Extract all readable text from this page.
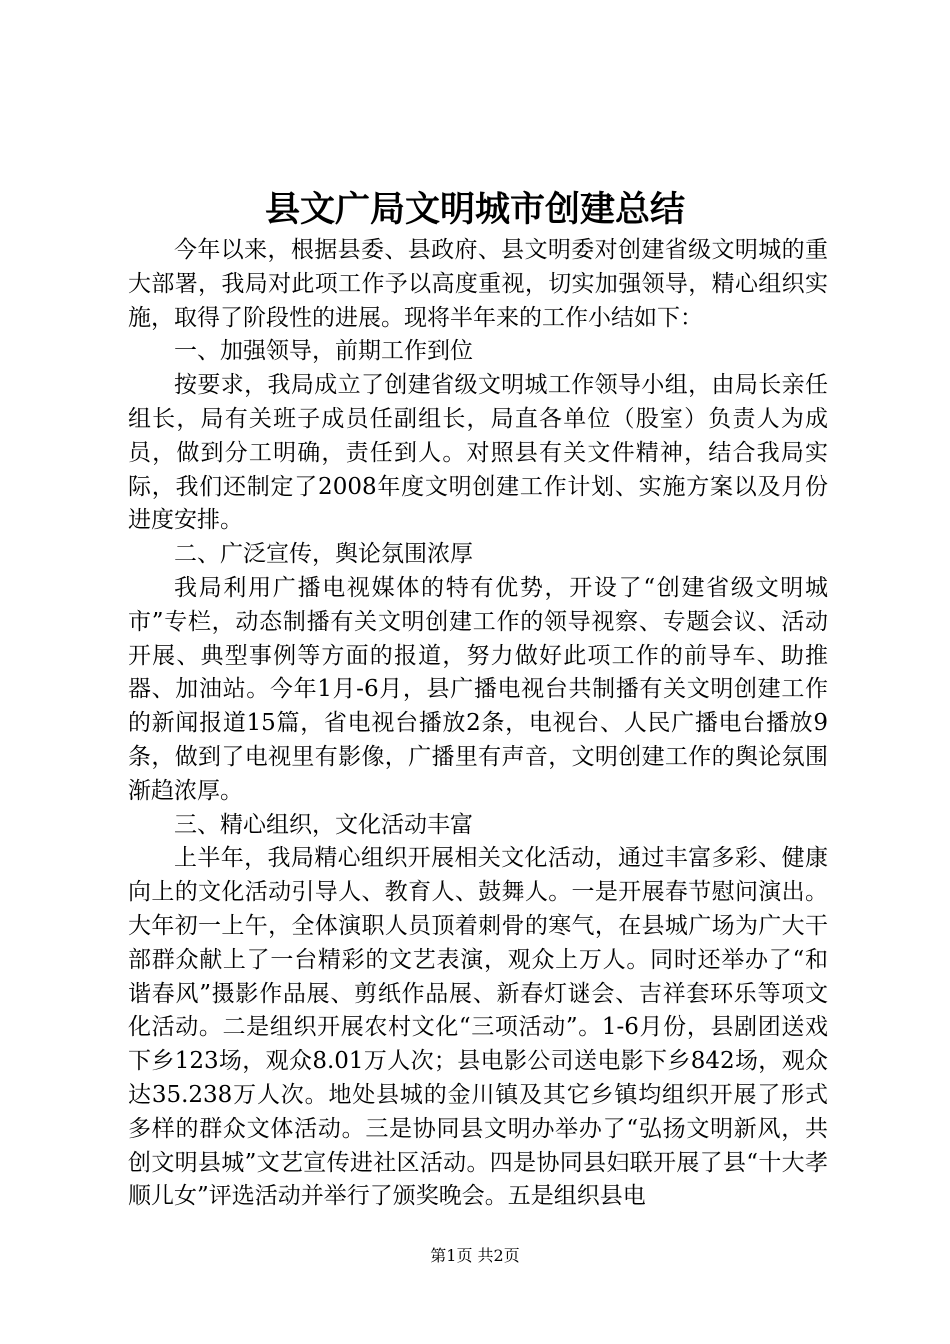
县文广局文明城市创建总结

今年以来，根据县委、县政府、县文明委对创建省级文明城的重大部署，我局对此项工作予以高度重视，切实加强领导，精心组织实施，取得了阶段性的进展。现将半年来的工作小结如下：

一、加强领导，前期工作到位

按要求，我局成立了创建省级文明城工作领导小组，由局长亲任组长，局有关班子成员任副组长，局直各单位（股室）负责人为成员，做到分工明确，责任到人。对照县有关文件精神，结合我局实际，我们还制定了2008年度文明创建工作计划、实施方案以及月份进度安排。

二、广泛宣传，舆论氛围浓厚

我局利用广播电视媒体的特有优势，开设了“创建省级文明城市”专栏，动态制播有关文明创建工作的领导视察、专题会议、活动开展、典型事例等方面的报道，努力做好此项工作的前导车、助推器、加油站。今年1月-6月，县广播电视台共制播有关文明创建工作的新闻报道15篇，省电视台播放2条，电视台、人民广播电台播放9条，做到了电视里有影像，广播里有声音，文明创建工作的舆论氛围渐趋浓厚。

三、精心组织，文化活动丰富

上半年，我局精心组织开展相关文化活动，通过丰富多彩、健康向上的文化活动引导人、教育人、鼓舞人。一是开展春节慰问演出。大年初一上午，全体演职人员顶着刺骨的寒气，在县城广场为广大干部群众献上了一台精彩的文艺表演，观众上万人。同时还举办了“和谐春风”摄影作品展、剪纸作品展、新春灯谜会、吉祥套环乐等项文化活动。二是组织开展农村文化“三项活动”。1-6月份，县剧团送戏下乡123场，观众8.01万人次；县电影公司送电影下乡842场，观众达35.238万人次。地处县城的金川镇及其它乡镇均组织开展了形式多样的群众文体活动。三是协同县文明办举办了“弘扬文明新风，共创文明县城”文艺宣传进社区活动。四是协同县妇联开展了县“十大孝顺儿女”评选活动并举行了颁奖晚会。五是组织县电

第1页 共2页
